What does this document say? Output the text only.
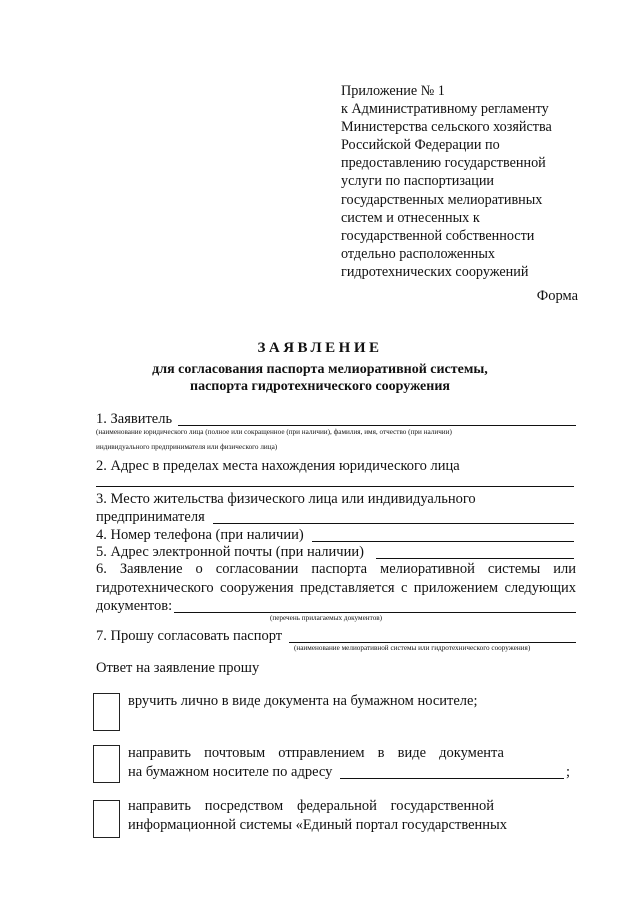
Приложение № 1
к Административному регламенту
Министерства сельского хозяйства
Российской Федерации по
предоставлению государственной
услуги по паспортизации
государственных мелиоративных
систем и отнесенных к
государственной собственности
отдельно расположенных
гидротехнических сооружений
Форма
ЗАЯВЛЕНИЕ
для согласования паспорта мелиоративной системы,
паспорта гидротехнического сооружения
1. Заявитель
(наименование юридического лица (полное или сокращенное (при наличии), фамилия, имя, отчество (при наличии)
индивидуального предпринимателя или физического лица)
2. Адрес в пределах места нахождения юридического лица
3. Место жительства физического лица или индивидуального
предпринимателя
4. Номер телефона (при наличии)
5. Адрес электронной почты (при наличии)
6. Заявление о согласовании паспорта мелиоративной системы или
гидротехнического сооружения представляется с приложением следующих
документов:
(перечень прилагаемых документов)
7. Прошу согласовать паспорт
(наименование мелиоративной системы или гидротехнического сооружения)
Ответ на заявление прошу
вручить лично в виде документа на бумажном носителе;
направить почтовым отправлением в виде документа
на бумажном носителе по адресу	;
направить посредством федеральной государственной
информационной системы «Единый портал государственных
